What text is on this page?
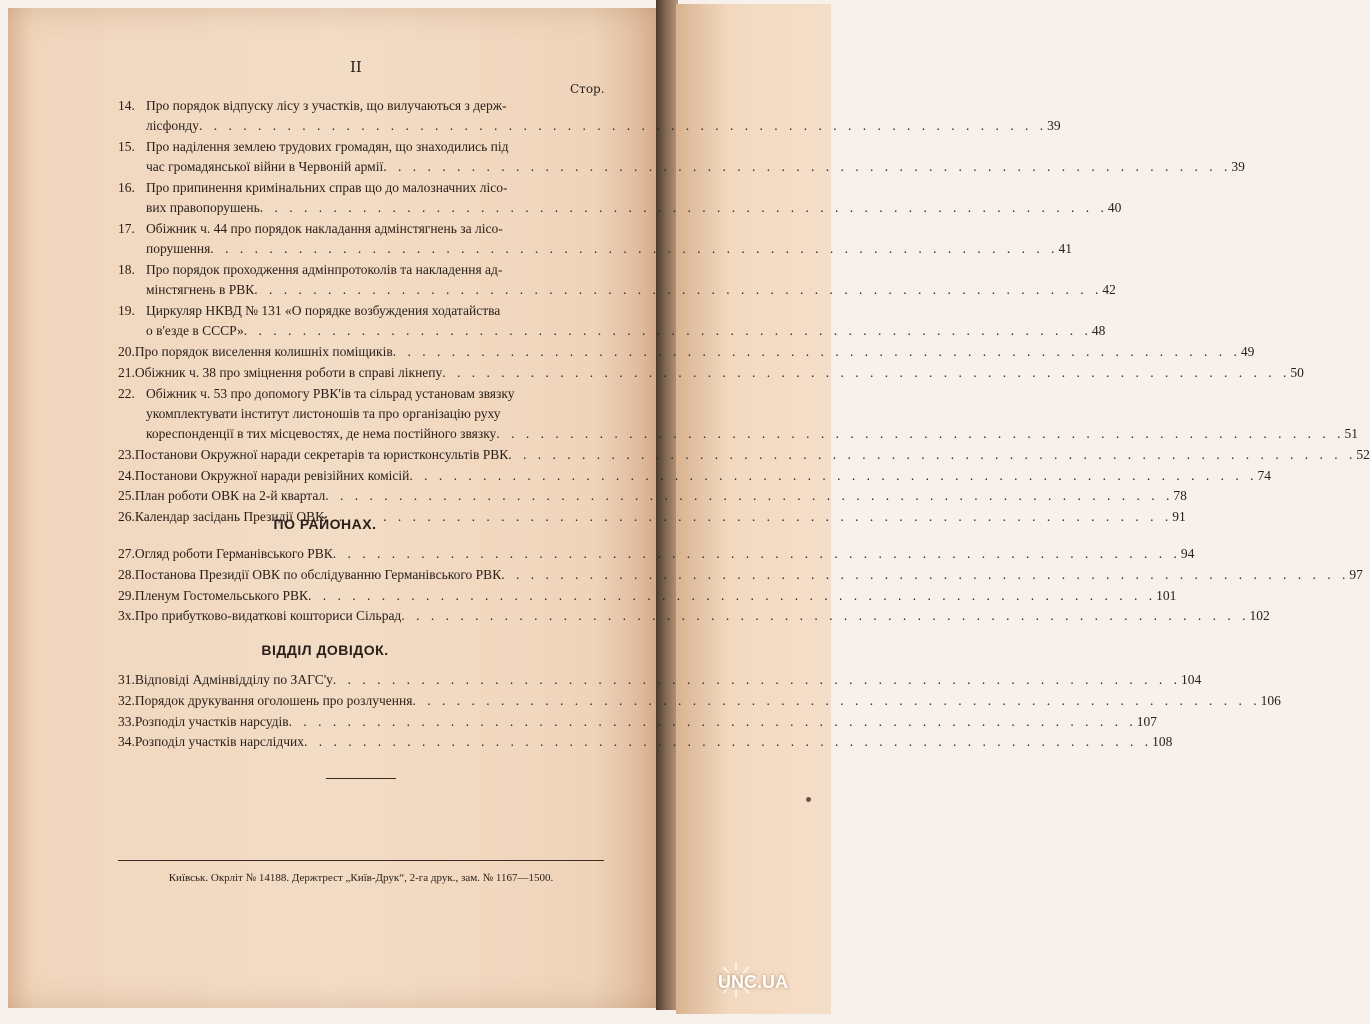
II
Стор.
14. Про порядок відпуску лісу з участків, що вилучаються з держ-
лісфонду . . . . . . . . . . . . . . . . . . . . . . . . . . . . . . . . . . . . . . . . . . . . . . . . . . . . . . . . . . 39
15. Про наділення землею трудових громадян, що знаходились під
час громадянської війни в Червоній армії . . . . . . . . . . . . . . . . . . . . . . . . . . . . . . . . . . . . . . . . . . . . . . . . . . . . . . . . . . 39
16. Про припинення кримінальних справ що до малозначних лісо-
вих правопорушень . . . . . . . . . . . . . . . . . . . . . . . . . . . . . . . . . . . . . . . . . . . . . . . . . . . . . . . . . . 40
17. Обіжник ч. 44 про порядок накладання адмінстягнень за лісо-
порушення . . . . . . . . . . . . . . . . . . . . . . . . . . . . . . . . . . . . . . . . . . . . . . . . . . . . . . . . . . 41
18. Про порядок проходження адмінпротоколів та накладення ад-
мінстягнень в РВК . . . . . . . . . . . . . . . . . . . . . . . . . . . . . . . . . . . . . . . . . . . . . . . . . . . . . . . . . . 42
19. Циркуляр НКВД № 131 «О порядке возбуждения ходатайства
о в'езде в СССР» . . . . . . . . . . . . . . . . . . . . . . . . . . . . . . . . . . . . . . . . . . . . . . . . . . . . . . . . . . 48
20. Про порядок виселення колишніх поміщиків . . . . . . . . . . . . . . . . . . . . . . . . . . . . . . . . . . . . . . . . . . . . . . . . . . . . . . . . . . 49
21. Обіжник ч. 38 про зміцнення роботи в справі лікнепу . . . . . . . . . . . . . . . . . . . . . . . . . . . . . . . . . . . . . . . . . . . . . . . . . . . . . . . . . . 50
22. Обіжник ч. 53 про допомогу РВК'ів та сільрад установам звязку
укомплектувати інститут листоношів та про організацію руху
кореспонденції в тих місцевостях, де нема постійного звязку . . . . . . . . . . . . . . . . . . . . . . . . . . . . . . . . . . . . . . . . . . . . . . . . . . . . . . . . . . 51
23. Постанови Окружної наради секретарів та юристконсультів РВК . . . . . . . . . . . . . . . . . . . . . . . . . . . . . . . . . . . . . . . . . . . . . . . . . . . . . . . . . . 52
24. Постанови Окружної наради ревізійних комісій . . . . . . . . . . . . . . . . . . . . . . . . . . . . . . . . . . . . . . . . . . . . . . . . . . . . . . . . . . 74
25. План роботи ОВК на 2-й квартал . . . . . . . . . . . . . . . . . . . . . . . . . . . . . . . . . . . . . . . . . . . . . . . . . . . . . . . . . . 78
26. Календар засідань Президії ОВК . . . . . . . . . . . . . . . . . . . . . . . . . . . . . . . . . . . . . . . . . . . . . . . . . . . . . . . . . . 91
ПО РАЙОНАХ.
27. Огляд роботи Германівського РВК . . . . . . . . . . . . . . . . . . . . . . . . . . . . . . . . . . . . . . . . . . . . . . . . . . . . . . . . . . 94
28. Постанова Президії ОВК по обслідуванню Германівського РВК . . . . . . . . . . . . . . . . . . . . . . . . . . . . . . . . . . . . . . . . . . . . . . . . . . . . . . . . . . 97
29. Пленум Гостомельського РВК . . . . . . . . . . . . . . . . . . . . . . . . . . . . . . . . . . . . . . . . . . . . . . . . . . . . . . . . . . 101
3х. Про прибутково-видаткові кошториси Сільрад . . . . . . . . . . . . . . . . . . . . . . . . . . . . . . . . . . . . . . . . . . . . . . . . . . . . . . . . . . 102
ВІДДІЛ ДОВІДОК.
31. Відповіді Адмінвідділу по ЗАГС'у . . . . . . . . . . . . . . . . . . . . . . . . . . . . . . . . . . . . . . . . . . . . . . . . . . . . . . . . . . 104
32. Порядок друкування оголошень про розлучення . . . . . . . . . . . . . . . . . . . . . . . . . . . . . . . . . . . . . . . . . . . . . . . . . . . . . . . . . . 106
33. Розподіл участків нарсудів . . . . . . . . . . . . . . . . . . . . . . . . . . . . . . . . . . . . . . . . . . . . . . . . . . . . . . . . . . 107
34. Розподіл участків нарслідчих . . . . . . . . . . . . . . . . . . . . . . . . . . . . . . . . . . . . . . . . . . . . . . . . . . . . . . . . . . 108
Київськ. Окрліт № 14188. Держтрест „Київ-Друк“, 2-га друк., зам. № 1167—1500.
UNC.UA
